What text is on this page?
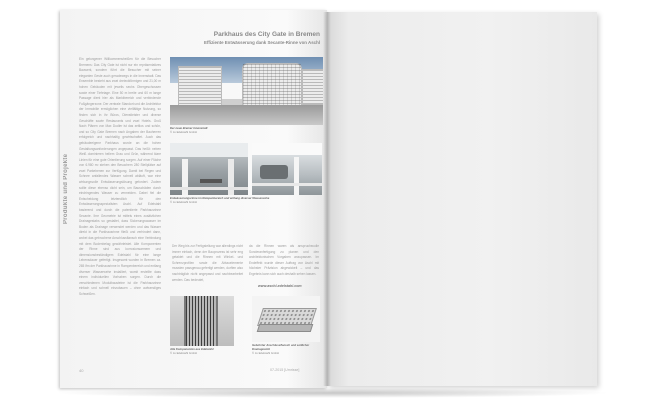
Produkte und Projekte
Parkhaus des City Gate in Bremen
Effiziente Entwässerung dank Secante-Rinne von Aschl
Ein gelungener Willkommensheißen für die Besucher Bremens: Das City Gate ist nicht nur ein repräsentatives Bauwerk, sondern führt die Besucher mit seiner eleganten Geste auch geradewegs in die Innenstadt. Das Ensemble besteht aus zwei dreieckförmigen und 21,00 m hohen Gebäuden mit jeweils sechs Obergeschossen sowie einer Tiefetage. Eine 50 m breite und 60 m lange Passage dient hier als Marktbereich und verbindende Fußgängerzone. Der zentrale Standort und die Architektur der Immobilie ermöglichen eine vielfältige Nutzung, so finden sich in ihr Büros, Dienstleister und diverse Geschäfte sowie Restaurants und zwei Hotels. Groß Nach Plänen von Max Dudler ist das zeitlos und schön, und so City Gate Bremen nach Angaben der Bauherren erfolgreich und nachhaltig gewirtschaftet. Auch das gebäudeeigene Parkhaus wurde an die hohen Gestaltungsanforderungen angepasst. Das heißt: neben Weiß dominieren hellem Grau und Grün, während klare Linien für eine gute Orientierung sorgen. Auf einer Fläche von 6.980 m² stehen den Besuchern 280 Stellplätze auf zwei Parkebenen zur Verfügung. Damit bei Regen und Schnee anfallendes Wasser schnell abläuft, war eine wirkungsvolle Entwässerungslösung gefordert. Zudem sollte diese ebenso dicht sein, um Bauschäden durch eindringendes Wasser zu vermeiden. Dabei fiel die Entscheidung letztendlich für den Entwässerungsspezialisten Aschl. Auf Edelstahl basierend und durch die patentierte Parkhausrinne Secante. Ihre Geometrie ist mittels eines zusätzlichen Drainagestabs so gestaltet, dass Sickerungswasser im Boden als Drainage verwendet werden und das Wasser direkt in die Parkhausrinne fließt und verhindert dann, wobei das gebrochene Anschlussflansch eine Verbindung mit dem Bodenbelag gewährleistet. Alle Komponenten der Rinne sind aus korrosionsarmem und dimensionsbeständigem Edelstahl für eine lange Lebensdauer gefertigt. Insgesamt wurden in Bremen ca. 265 lfm der Parkhausrinne in Rampenbereich und entlang diverser Wasserwehe installiert, womit erstellte dass einem individuellen Vorhaben sorgen. Durch die verschiedenen Modulbausteine ist die Parkhausrinne einfach und schnell einzubauen – ohne aufwendiges Schweißen.
Der neue Bremer Innenstadt
© Jo Edelstahl GmbH
Entwässerungsrinne im Rampenbereich und entlang diverser Wasserwehe
© Jo Edelstahl GmbH
Der Weg bis zur Fertigstellung war allerdings nicht immer einfach, denn der Bauprozess ist sehr eng getaktet und die Rinnen mit Winkel- und Schrenzprofilen sowie die Abtauelemente mussten passgenau gefertigt werden, durften also nachträglich nicht angepasst und nachbearbeitet werden. Das bedeutet,
da die Rinnen waren als anspruchsvolle Sonderanfertigung zu planen und den architektonischen Vorgaben anzupassen. Im Endeffekt wurde dieser Auftrag von Aschl mit höchster Präzision abgewickelt – und das Ergebnis kann sich auch deshalb sehen lassen.
www.aschl-edelstahl.com
Alle Komponenten aus Edelstahl
© Jo Edelstahl GmbH
Gebohrter Anschlussflansch und seitlicher Drainagestoß
© Jo Edelstahl GmbH
40	07-2015 [Umrisse]
